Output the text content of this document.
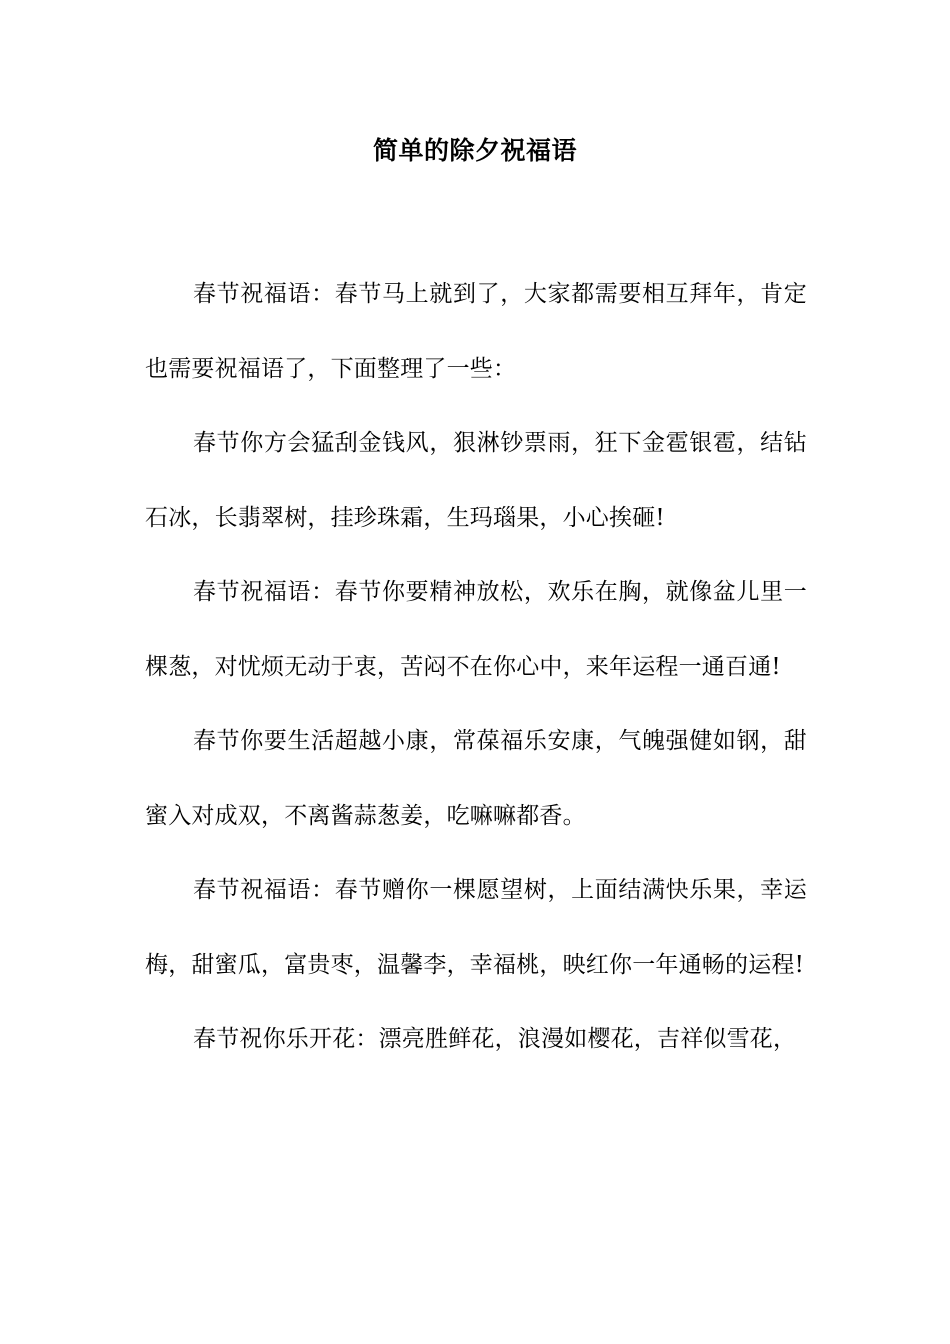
简单的除夕祝福语

春节祝福语：春节马上就到了，大家都需要相互拜年，肯定也需要祝福语了，下面整理了一些：

春节你方会猛刮金钱风，狠淋钞票雨，狂下金雹银雹，结钻石冰，长翡翠树，挂珍珠霜，生玛瑙果，小心挨砸!

春节祝福语：春节你要精神放松，欢乐在胸，就像盆儿里一棵葱，对忧烦无动于衷，苦闷不在你心中，来年运程一通百通!

春节你要生活超越小康，常葆福乐安康，气魄强健如钢，甜蜜入对成双，不离酱蒜葱姜，吃嘛嘛都香。

春节祝福语：春节赠你一棵愿望树，上面结满快乐果，幸运梅，甜蜜瓜，富贵枣，温馨李，幸福桃，映红你一年通畅的运程!

春节祝你乐开花：漂亮胜鲜花，浪漫如樱花，吉祥似雪花，
